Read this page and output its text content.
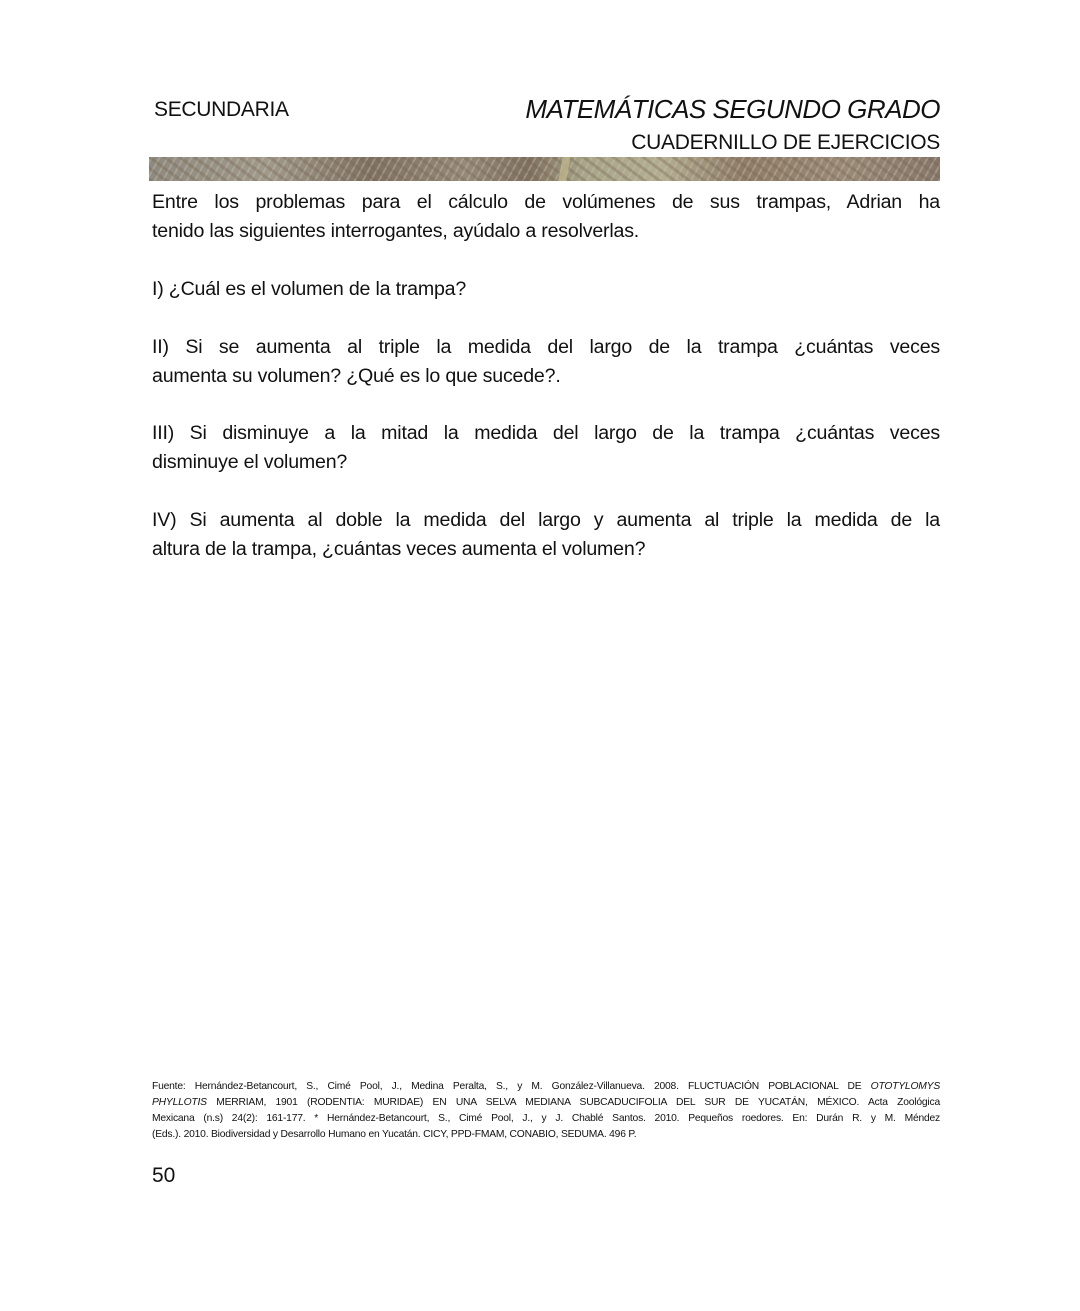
SECUNDARIA	MATEMÁTICAS SEGUNDO GRADO
CUADERNILLO DE EJERCICIOS
Entre los problemas para el cálculo de volúmenes de sus trampas, Adrian ha
tenido las siguientes interrogantes, ayúdalo a resolverlas.
I) ¿Cuál es el volumen de la trampa?
II) Si se aumenta al triple la medida del largo de la trampa ¿cuántas veces
aumenta su volumen? ¿Qué es lo que sucede?.
III) Si disminuye a la mitad la medida del largo de la trampa ¿cuántas veces
disminuye el volumen?
IV) Si aumenta al doble la medida del largo y aumenta al triple la medida de la
altura de la trampa, ¿cuántas veces aumenta el volumen?
Fuente: Hernández-Betancourt, S., Cimé Pool, J., Medina Peralta, S., y M. González-Villanueva. 2008. FLUCTUACIÓN POBLACIONAL DE OTOTYLOMYS
PHYLLOTIS MERRIAM, 1901 (RODENTIA: MURIDAE) EN UNA SELVA MEDIANA SUBCADUCIFOLIA DEL SUR DE YUCATÁN, MÉXICO. Acta Zoológica
Mexicana (n.s) 24(2): 161-177. * Hernández-Betancourt, S., Cimé Pool, J., y J. Chablé Santos. 2010. Pequeños roedores. En: Durán R. y M. Méndez
(Eds.). 2010. Biodiversidad y Desarrollo Humano en Yucatán. CICY, PPD-FMAM, CONABIO, SEDUMA. 496 P.
50
